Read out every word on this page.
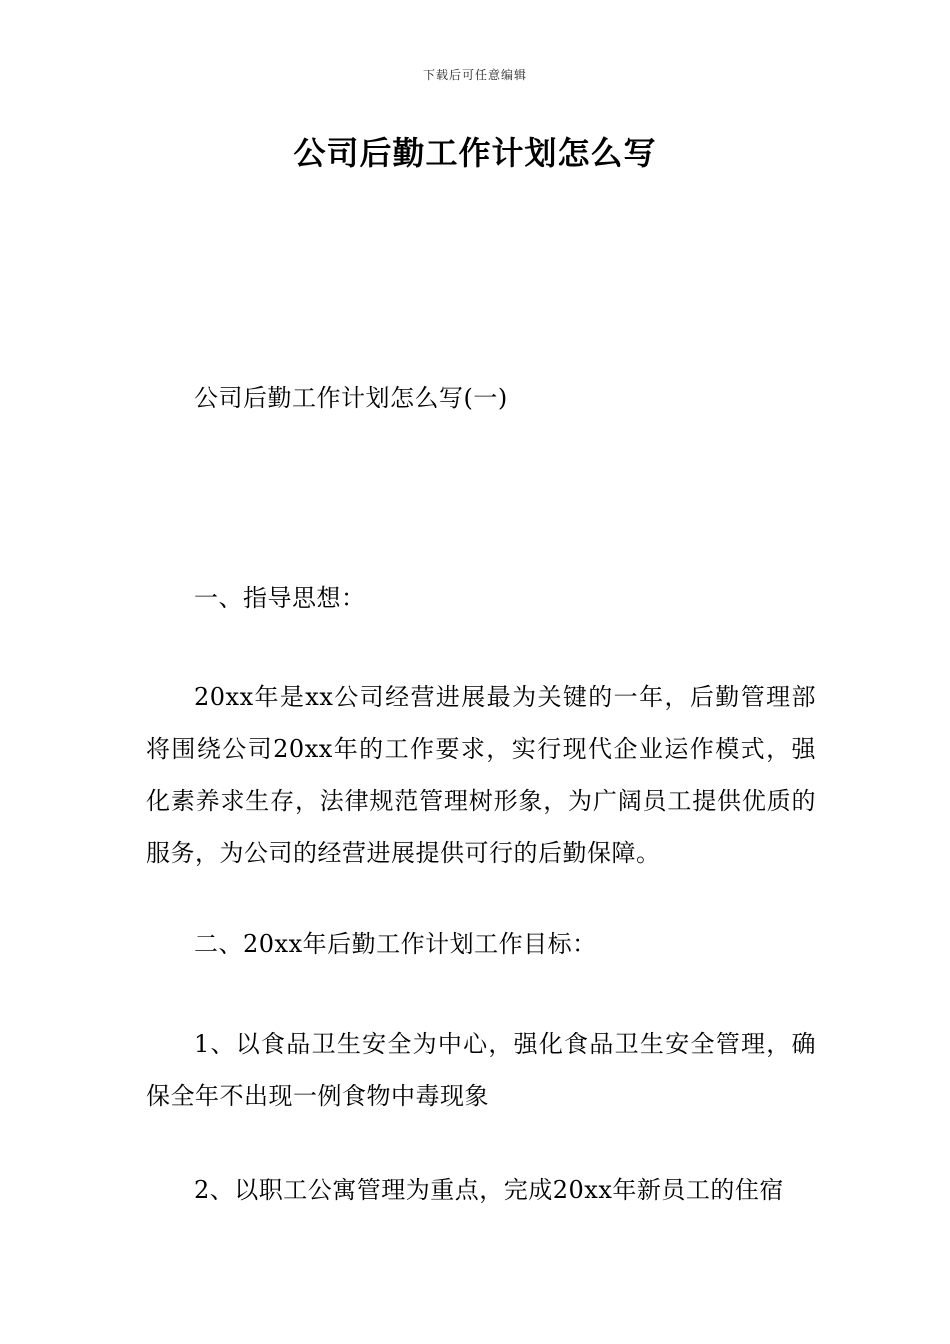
下载后可任意编辑
公司后勤工作计划怎么写

公司后勤工作计划怎么写(一)

一、指导思想：

20xx年是xx公司经营进展最为关键的一年，后勤管理部将围绕公司20xx年的工作要求，实行现代企业运作模式，强化素养求生存，法律规范管理树形象，为广阔员工提供优质的服务，为公司的经营进展提供可行的后勤保障。

二、20xx年后勤工作计划工作目标：

1、以食品卫生安全为中心，强化食品卫生安全管理，确保全年不出现一例食物中毒现象

2、以职工公寓管理为重点，完成20xx年新员工的住宿
